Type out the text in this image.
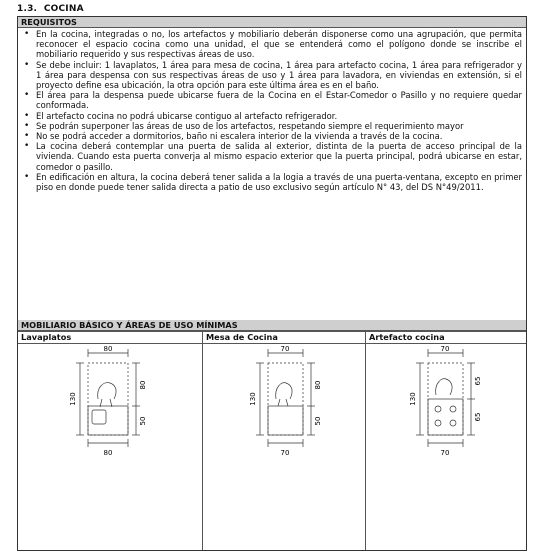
1.3. COCINA
REQUISITOS
• En la cocina, integradas o no, los artefactos y mobiliario deberán disponerse como una agrupación, que permita reconocer el espacio cocina como una unidad, el que se entenderá como el polígono donde se inscribe el mobiliario requerido y sus respectivas áreas de uso.
• Se debe incluir: 1 lavaplatos, 1 área para mesa de cocina, 1 área para artefacto cocina, 1 área para refrigerador y 1 área para despensa con sus respectivas áreas de uso y 1 área para lavadora, en viviendas en extensión, si el proyecto define esa ubicación, la otra opción para este última área es en el baño.
• El área para la despensa puede ubicarse fuera de la Cocina en el Estar-Comedor o Pasillo y no requiere quedar conformada.
• El artefacto cocina no podrá ubicarse contiguo al artefacto refrigerador.
• Se podrán superponer las áreas de uso de los artefactos, respetando siempre el requerimiento mayor
• No se podrá acceder a dormitorios, baño ni escalera interior de la vivienda a través de la cocina.
• La cocina deberá contemplar una puerta de salida al exterior, distinta de la puerta de acceso principal de la vivienda. Cuando esta puerta converja al mismo espacio exterior que la puerta principal, podrá ubicarse en estar, comedor o pasillo.
• En edificación en altura, la cocina deberá tener salida a la logia a través de una puerta-ventana, excepto en primer piso en donde puede tener salida directa a patio de uso exclusivo según artículo N° 43, del DS N°49/2011.
MOBILIARIO BÁSICO Y ÁREAS DE USO MÍNIMAS
Lavaplatos	Mesa de Cocina	Artefacto cocina
80
80
130
80
50
70
70
130
80
50
70
70
130
65
65
